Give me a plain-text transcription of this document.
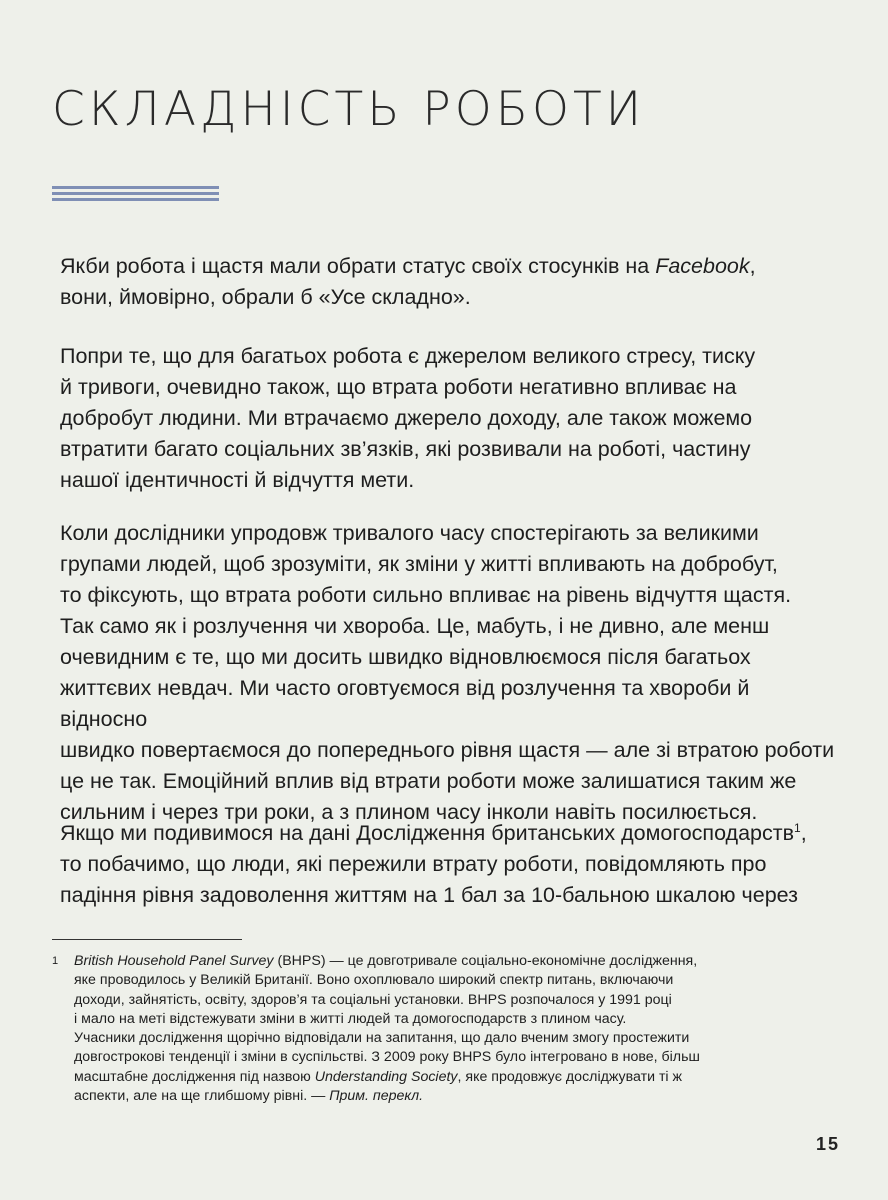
СКЛАДНІСТЬ РОБОТИ

Якби робота і щастя мали обрати статус своїх стосунків на Facebook,
вони, ймовірно, обрали б «Усе складно».

Попри те, що для багатьох робота є джерелом великого стресу, тиску
й тривоги, очевидно також, що втрата роботи негативно впливає на
добробут людини. Ми втрачаємо джерело доходу, але також можемо
втратити багато соціальних зв’язків, які розвивали на роботі, частину
нашої ідентичності й відчуття мети.

Коли дослідники упродовж тривалого часу спостерігають за великими
групами людей, щоб зрозуміти, як зміни у житті впливають на добробут,
то фіксують, що втрата роботи сильно впливає на рівень відчуття щастя.
Так само як і розлучення чи хвороба. Це, мабуть, і не дивно, але менш
очевидним є те, що ми досить швидко відновлюємося після багатьох
життєвих невдач. Ми часто оговтуємося від розлучення та хвороби й відносно
швидко повертаємося до попереднього рівня щастя — але зі втратою роботи
це не так. Емоційний вплив від втрати роботи може залишатися таким же
сильним і через три роки, а з плином часу інколи навіть посилюється.

Якщо ми подивимося на дані Дослідження британських домогосподарств$^1$,
то побачимо, що люди, які пережили втрату роботи, повідомляють про
падіння рівня задоволення життям на 1 бал за 10-бальною шкалою через

1 British Household Panel Survey (BHPS) — це довготривале соціально-економічне дослідження,
яке проводилось у Великій Британії. Воно охоплювало широкий спектр питань, включаючи
доходи, зайнятість, освіту, здоров’я та соціальні установки. BHPS розпочалося у 1991 році
і мало на меті відстежувати зміни в житті людей та домогосподарств з плином часу.
Учасники дослідження щорічно відповідали на запитання, що дало вченим змогу простежити
довгострокові тенденції і зміни в суспільстві. З 2009 року BHPS було інтегровано в нове, більш
масштабне дослідження під назвою Understanding Society, яке продовжує досліджувати ті ж
аспекти, але на ще глибшому рівні. — Прим. перекл.

15
